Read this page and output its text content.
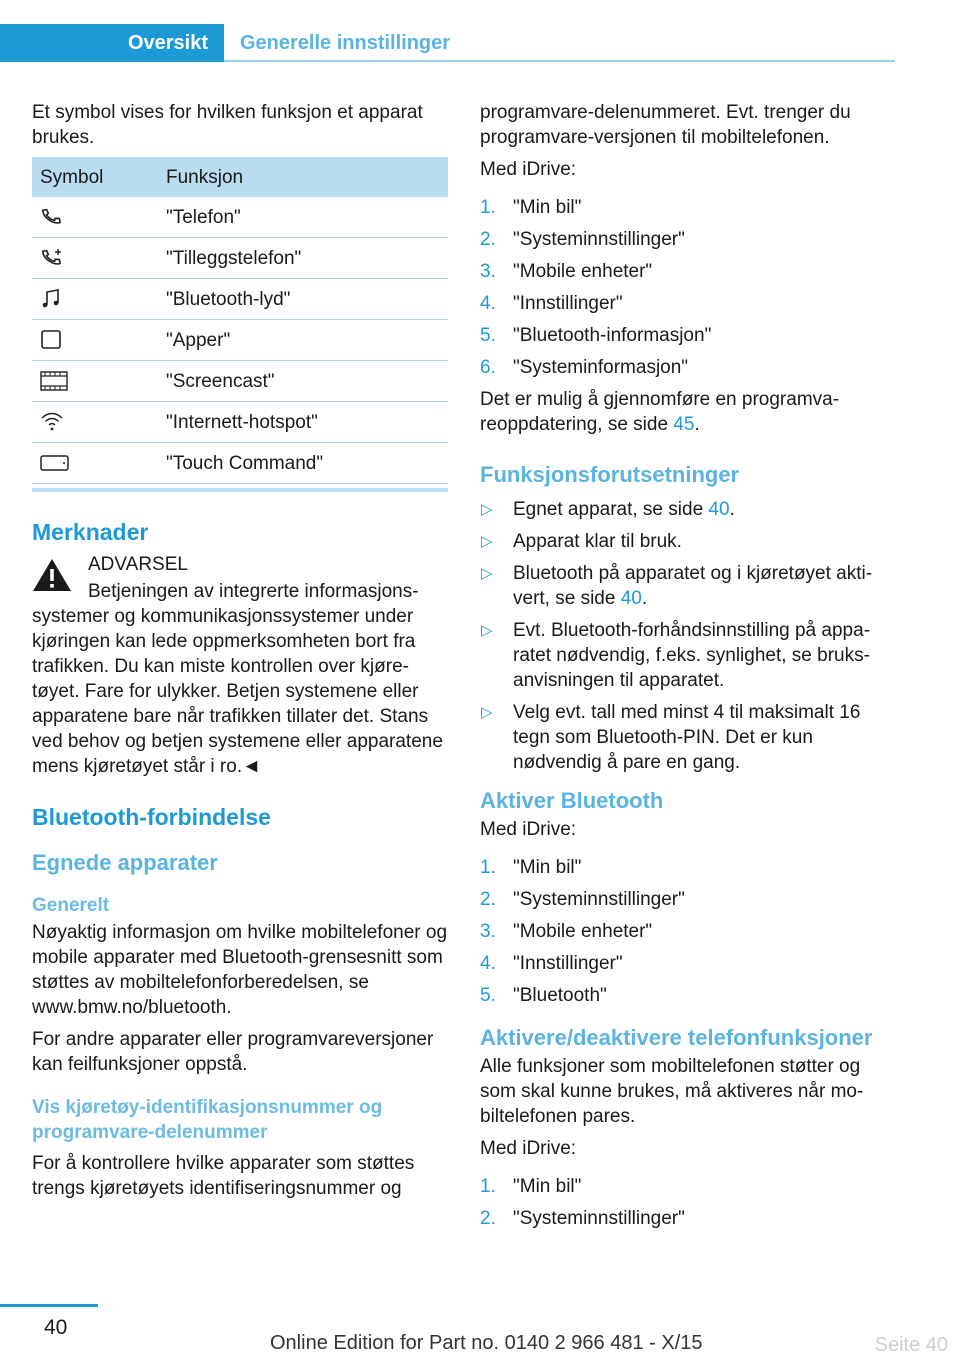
Oversikt	Generelle innstillinger

Et symbol vises for hvilken funksjon et apparat brukes.

Symbol	Funksjon

	"Telefon"

	"Tilleggstelefon"

	"Bluetooth-lyd"

	"Apper"

	"Screencast"

	"Internett-hotspot"

	"Touch Command"
Merknader
ADVARSEL
Betjeningen av integrerte informasjonssystemer og kommunikasjonssystemer under kjøringen kan lede oppmerksomheten bort fra trafikken. Du kan miste kontrollen over kjøretøyet. Fare for ulykker. Betjen systemene eller apparatene bare når trafikken tillater det. Stans ved behov og betjen systemene eller apparatene mens kjøretøyet står i ro.◄
Bluetooth-forbindelse
Egnede apparater
Generelt

Nøyaktig informasjon om hvilke mobiltelefoner og mobile apparater med Bluetooth-grensesnitt som støttes av mobiltelefonforberedelsen, se www.bmw.no/bluetooth.

For andre apparater eller programvareversjoner kan feilfunksjoner oppstå.

Vis kjøretøy-identifikasjonsnummer og programvare-delenummer

For å kontrollere hvilke apparater som støttes trengs kjøretøyets identifiseringsnummer og

programvare-delenummeret. Evt. trenger du programvare-versjonen til mobiltelefonen.

Med iDrive:

1. "Min bil"
2. "Systeminnstillinger"
3. "Mobile enheter"
4. "Innstillinger"
5. "Bluetooth-informasjon"
6. "Systeminformasjon"

Det er mulig å gjennomføre en programvareoppdatering, se side 45.

Funksjonsforutsetninger
▷ Egnet apparat, se side 40.
▷ Apparat klar til bruk.
▷ Bluetooth på apparatet og i kjøretøyet aktivert, se side 40.
▷ Evt. Bluetooth-forhåndsinnstilling på apparatet nødvendig, f.eks. synlighet, se bruksanvisningen til apparatet.
▷ Velg evt. tall med minst 4 til maksimalt 16 tegn som Bluetooth-PIN. Det er kun nødvendig å pare en gang.
Aktiver Bluetooth

Med iDrive:

1. "Min bil"
2. "Systeminnstillinger"
3. "Mobile enheter"
4. "Innstillinger"
5. "Bluetooth"
Aktivere/deaktivere telefonfunksjoner

Alle funksjoner som mobiltelefonen støtter og som skal kunne brukes, må aktiveres når mobiltelefonen pares.

Med iDrive:

1. "Min bil"
2. "Systeminnstillinger"
40
Online Edition for Part no. 0140 2 966 481 - X/15	Seite 40
